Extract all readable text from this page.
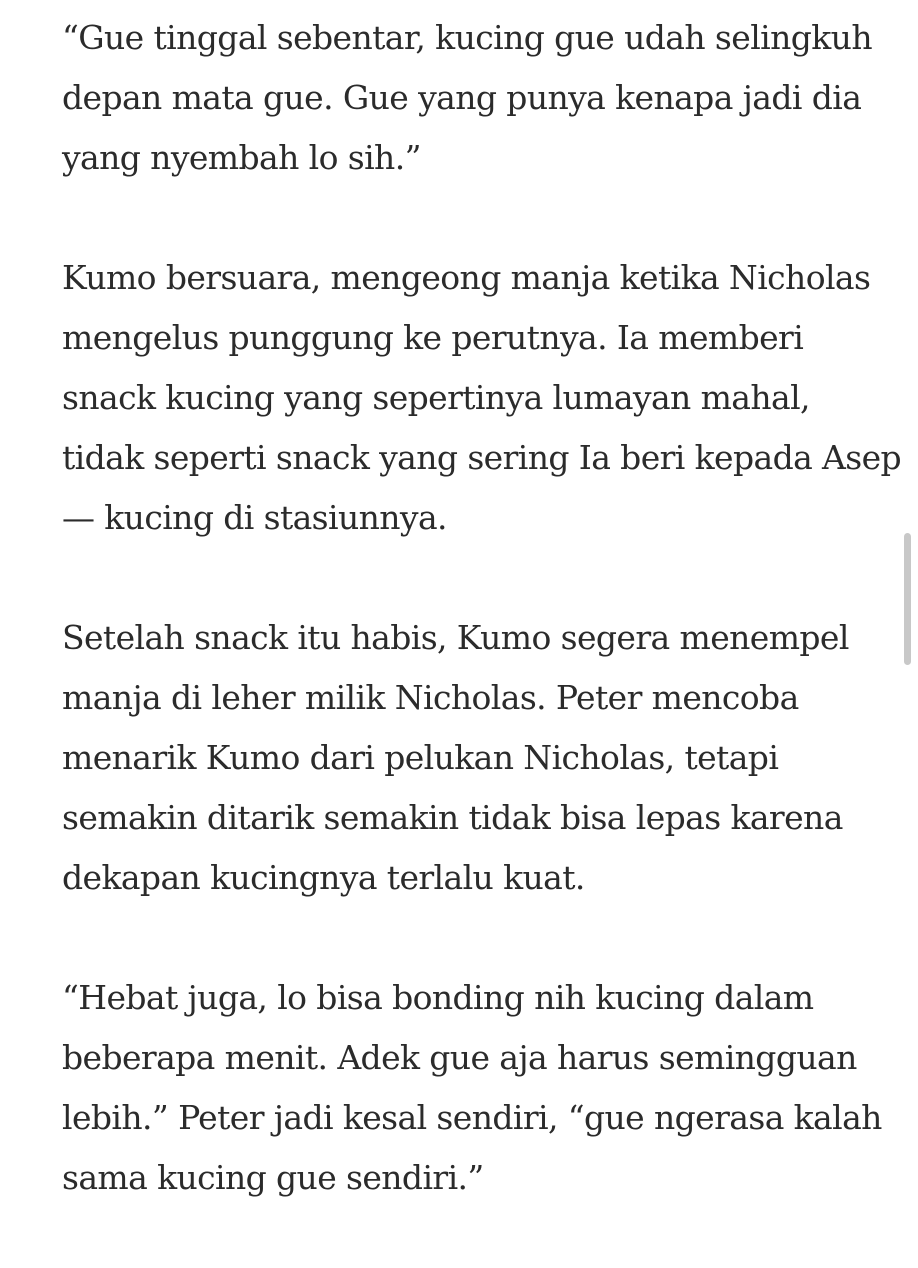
“Gue tinggal sebentar, kucing gue udah selingkuh
depan mata gue. Gue yang punya kenapa jadi dia
yang nyembah lo sih.”

Kumo bersuara, mengeong manja ketika Nicholas
mengelus punggung ke perutnya. Ia memberi
snack kucing yang sepertinya lumayan mahal,
tidak seperti snack yang sering Ia beri kepada Asep
— kucing di stasiunnya.

Setelah snack itu habis, Kumo segera menempel
manja di leher milik Nicholas. Peter mencoba
menarik Kumo dari pelukan Nicholas, tetapi
semakin ditarik semakin tidak bisa lepas karena
dekapan kucingnya terlalu kuat.

“Hebat juga, lo bisa bonding nih kucing dalam
beberapa menit. Adek gue aja harus semingguan
lebih.” Peter jadi kesal sendiri, “gue ngerasa kalah
sama kucing gue sendiri.”
